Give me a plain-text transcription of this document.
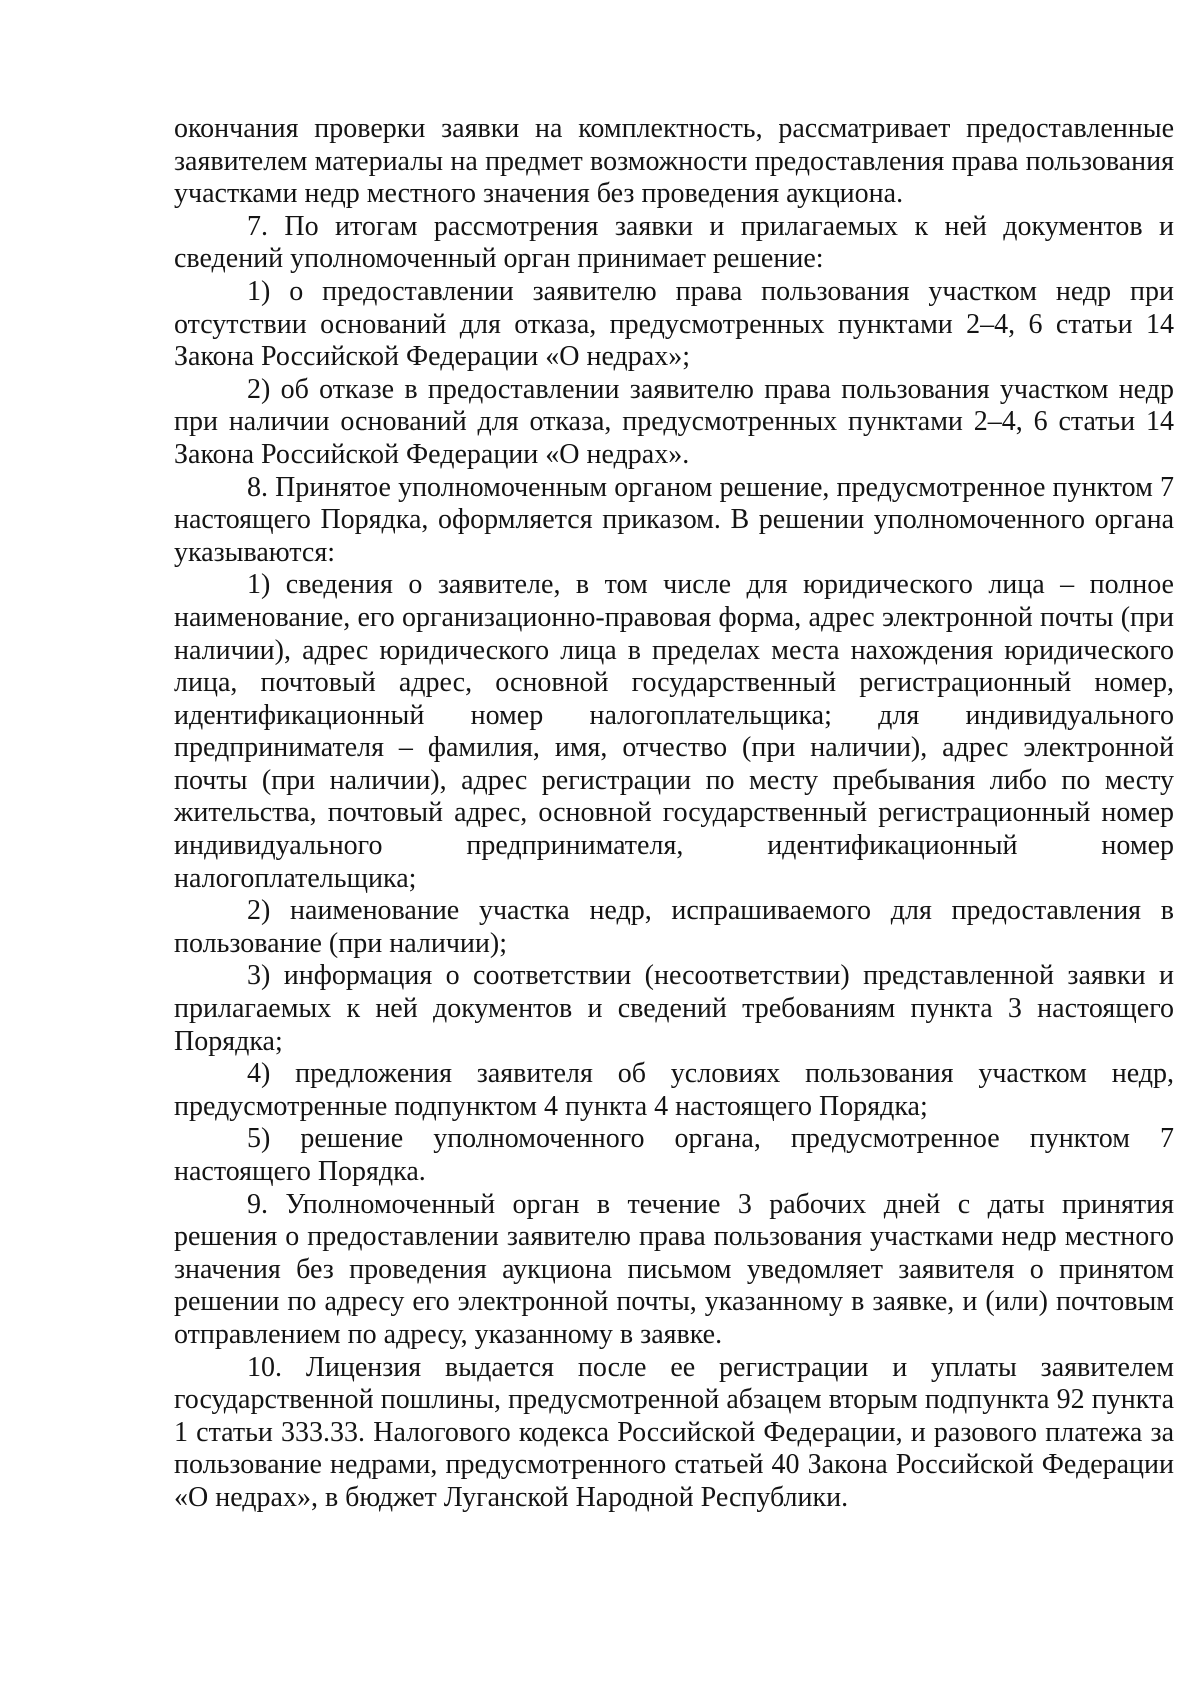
окончания проверки заявки на комплектность, рассматривает предоставленные заявителем материалы на предмет возможности предоставления права пользования участками недр местного значения без проведения аукциона.

7. По итогам рассмотрения заявки и прилагаемых к ней документов и сведений уполномоченный орган принимает решение:

1) о предоставлении заявителю права пользования участком недр при отсутствии оснований для отказа, предусмотренных пунктами 2–4, 6 статьи 14 Закона Российской Федерации «О недрах»;

2) об отказе в предоставлении заявителю права пользования участком недр при наличии оснований для отказа, предусмотренных пунктами 2–4, 6 статьи 14 Закона Российской Федерации «О недрах».

8. Принятое уполномоченным органом решение, предусмотренное пунктом 7 настоящего Порядка, оформляется приказом. В решении уполномоченного органа указываются:

1) сведения о заявителе, в том числе для юридического лица – полное наименование, его организационно-правовая форма, адрес электронной почты (при наличии), адрес юридического лица в пределах места нахождения юридического лица, почтовый адрес, основной государственный регистрационный номер, идентификационный номер налогоплательщика; для индивидуального предпринимателя – фамилия, имя, отчество (при наличии), адрес электронной почты (при наличии), адрес регистрации по месту пребывания либо по месту жительства, почтовый адрес, основной государственный регистрационный номер индивидуального предпринимателя, идентификационный номер налогоплательщика;

2) наименование участка недр, испрашиваемого для предоставления в пользование (при наличии);

3) информация о соответствии (несоответствии) представленной заявки и прилагаемых к ней документов и сведений требованиям пункта 3 настоящего Порядка;

4) предложения заявителя об условиях пользования участком недр, предусмотренные подпунктом 4 пункта 4 настоящего Порядка;

5) решение уполномоченного органа, предусмотренное пунктом 7 настоящего Порядка.

9. Уполномоченный орган в течение 3 рабочих дней с даты принятия решения о предоставлении заявителю права пользования участками недр местного значения без проведения аукциона письмом уведомляет заявителя о принятом решении по адресу его электронной почты, указанному в заявке, и (или) почтовым отправлением по адресу, указанному в заявке.

10. Лицензия выдается после ее регистрации и уплаты заявителем государственной пошлины, предусмотренной абзацем вторым подпункта 92 пункта 1 статьи 333.33. Налогового кодекса Российской Федерации, и разового платежа за пользование недрами, предусмотренного статьей 40 Закона Российской Федерации «О недрах», в бюджет Луганской Народной Республики.
